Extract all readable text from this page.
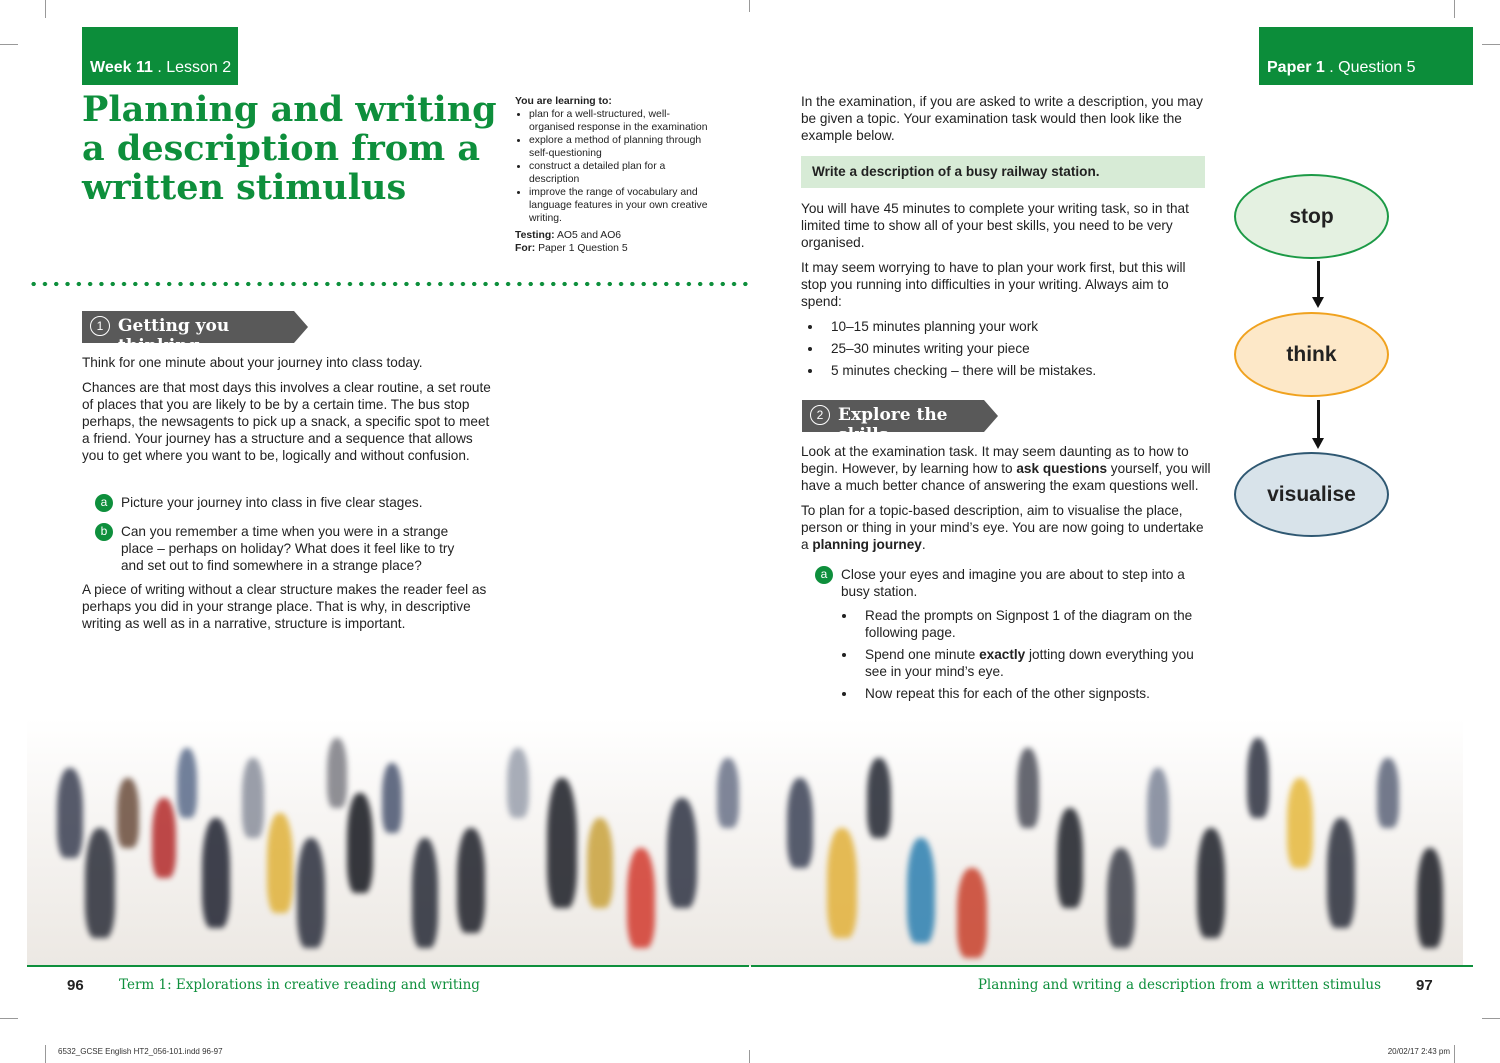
Week 11 . Lesson 2
Planning and writing a description from a written stimulus

You are learning to:

• plan for a well-structured, well-organised response in the examination
• explore a method of planning through self-questioning
• construct a detailed plan for a description
• improve the range of vocabulary and language features in your own creative writing.

Testing: AO5 and AO6

For: Paper 1 Question 5

1 Getting you thinking

Think for one minute about your journey into class today.

Chances are that most days this involves a clear routine, a set route of places that you are likely to be by a certain time. The bus stop perhaps, the newsagents to pick up a snack, a specific spot to meet a friend. Your journey has a structure and a sequence that allows you to get where you want to be, logically and without confusion.

a	Picture your journey into class in five clear stages.
b	Can you remember a time when you were in a strange place – perhaps on holiday? What does it feel like to try and set out to find somewhere in a strange place?

A piece of writing without a clear structure makes the reader feel as perhaps you did in your strange place. That is why, in descriptive writing as well as in a narrative, structure is important.

Paper 1 . Question 5

In the examination, if you are asked to write a description, you may be given a topic. Your examination task would then look like the example below.

Write a description of a busy railway station.

You will have 45 minutes to complete your writing task, so in that limited time to show all of your best skills, you need to be very organised.

It may seem worrying to have to plan your work first, but this will stop you running into difficulties in your writing. Always aim to spend:

• 10–15 minutes planning your work
• 25–30 minutes writing your piece
• 5 minutes checking – there will be mistakes.
2 Explore the skills

Look at the examination task. It may seem daunting as to how to begin. However, by learning how to ask questions yourself, you will have a much better chance of answering the exam questions well.

To plan for a topic-based description, aim to visualise the place, person or thing in your mind’s eye. You are now going to undertake a planning journey.

a	Close your eyes and imagine you are about to step into a busy station.
• Read the prompts on Signpost 1 of the diagram on the following page.
• Spend one minute exactly jotting down everything you see in your mind’s eye.
• Now repeat this for each of the other signposts.
stop
think
visualise
96	Term 1: Explorations in creative reading and writing	Planning and writing a description from a written stimulus 97
6532_GCSE English HT2_056-101.indd 96-97	20/02/17 2:43 pm
